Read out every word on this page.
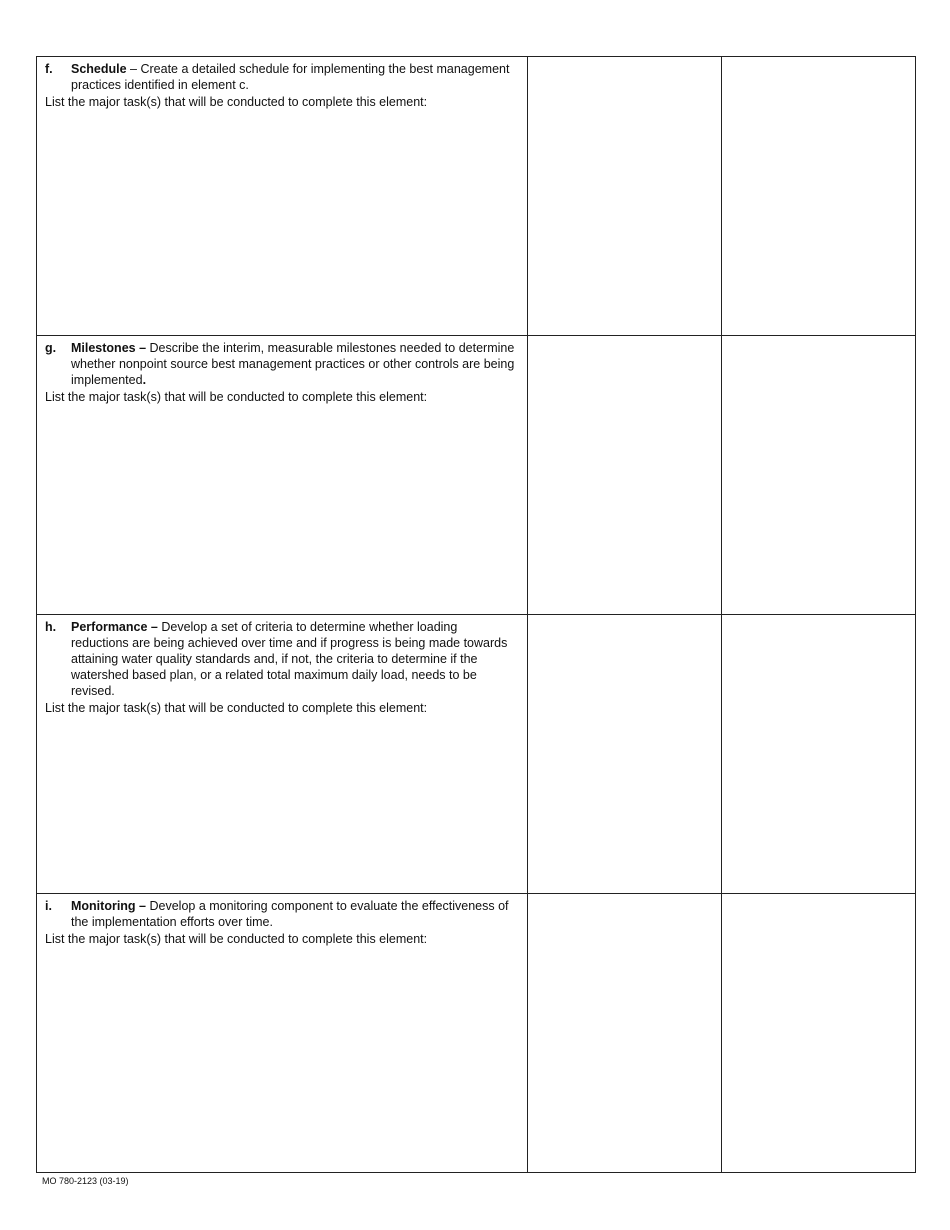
f. Schedule – Create a detailed schedule for implementing the best management practices identified in element c.
List the major task(s) that will be conducted to complete this element:		

g. Milestones – Describe the interim, measurable milestones needed to determine whether nonpoint source best management practices or other controls are being implemented.
List the major task(s) that will be conducted to complete this element:		

h. Performance – Develop a set of criteria to determine whether loading reductions are being achieved over time and if progress is being made towards attaining water quality standards and, if not, the criteria to determine if the watershed based plan, or a related total maximum daily load, needs to be revised.
List the major task(s) that will be conducted to complete this element:		

i. Monitoring – Develop a monitoring component to evaluate the effectiveness of the implementation efforts over time.
List the major task(s) that will be conducted to complete this element:		

MO 780-2123 (03-19)
